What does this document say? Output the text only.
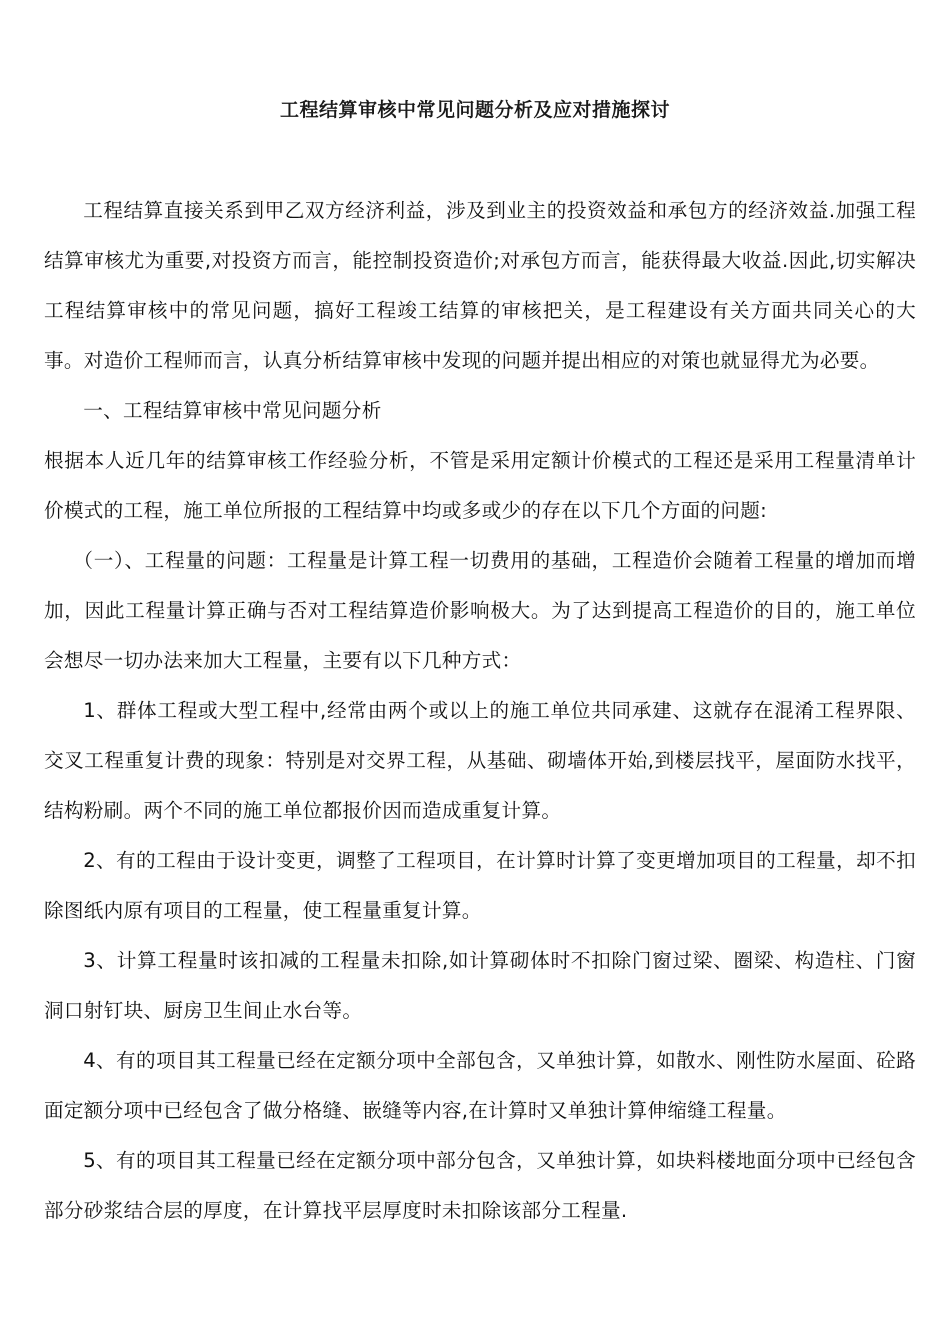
工程结算审核中常见问题分析及应对措施探讨

工程结算直接关系到甲乙双方经济利益，涉及到业主的投资效益和承包方的经济效益.加强工程结算审核尤为重要,对投资方而言，能控制投资造价;对承包方而言，能获得最大收益.因此,切实解决工程结算审核中的常见问题，搞好工程竣工结算的审核把关，是工程建设有关方面共同关心的大事。对造价工程师而言，认真分析结算审核中发现的问题并提出相应的对策也就显得尤为必要。

一、工程结算审核中常见问题分析

根据本人近几年的结算审核工作经验分析，不管是采用定额计价模式的工程还是采用工程量清单计价模式的工程，施工单位所报的工程结算中均或多或少的存在以下几个方面的问题:

（一）、工程量的问题：工程量是计算工程一切费用的基础，工程造价会随着工程量的增加而增加，因此工程量计算正确与否对工程结算造价影响极大。为了达到提高工程造价的目的，施工单位会想尽一切办法来加大工程量，主要有以下几种方式：

1、群体工程或大型工程中,经常由两个或以上的施工单位共同承建、这就存在混淆工程界限、交叉工程重复计费的现象：特别是对交界工程，从基础、砌墙体开始,到楼层找平，屋面防水找平，结构粉刷。两个不同的施工单位都报价因而造成重复计算。

2、有的工程由于设计变更，调整了工程项目，在计算时计算了变更增加项目的工程量，却不扣除图纸内原有项目的工程量，使工程量重复计算。

3、计算工程量时该扣减的工程量未扣除,如计算砌体时不扣除门窗过梁、圈梁、构造柱、门窗洞口射钉块、厨房卫生间止水台等。

4、有的项目其工程量已经在定额分项中全部包含，又单独计算，如散水、刚性防水屋面、砼路面定额分项中已经包含了做分格缝、嵌缝等内容,在计算时又单独计算伸缩缝工程量。

5、有的项目其工程量已经在定额分项中部分包含，又单独计算，如块料楼地面分项中已经包含部分砂浆结合层的厚度，在计算找平层厚度时未扣除该部分工程量.
